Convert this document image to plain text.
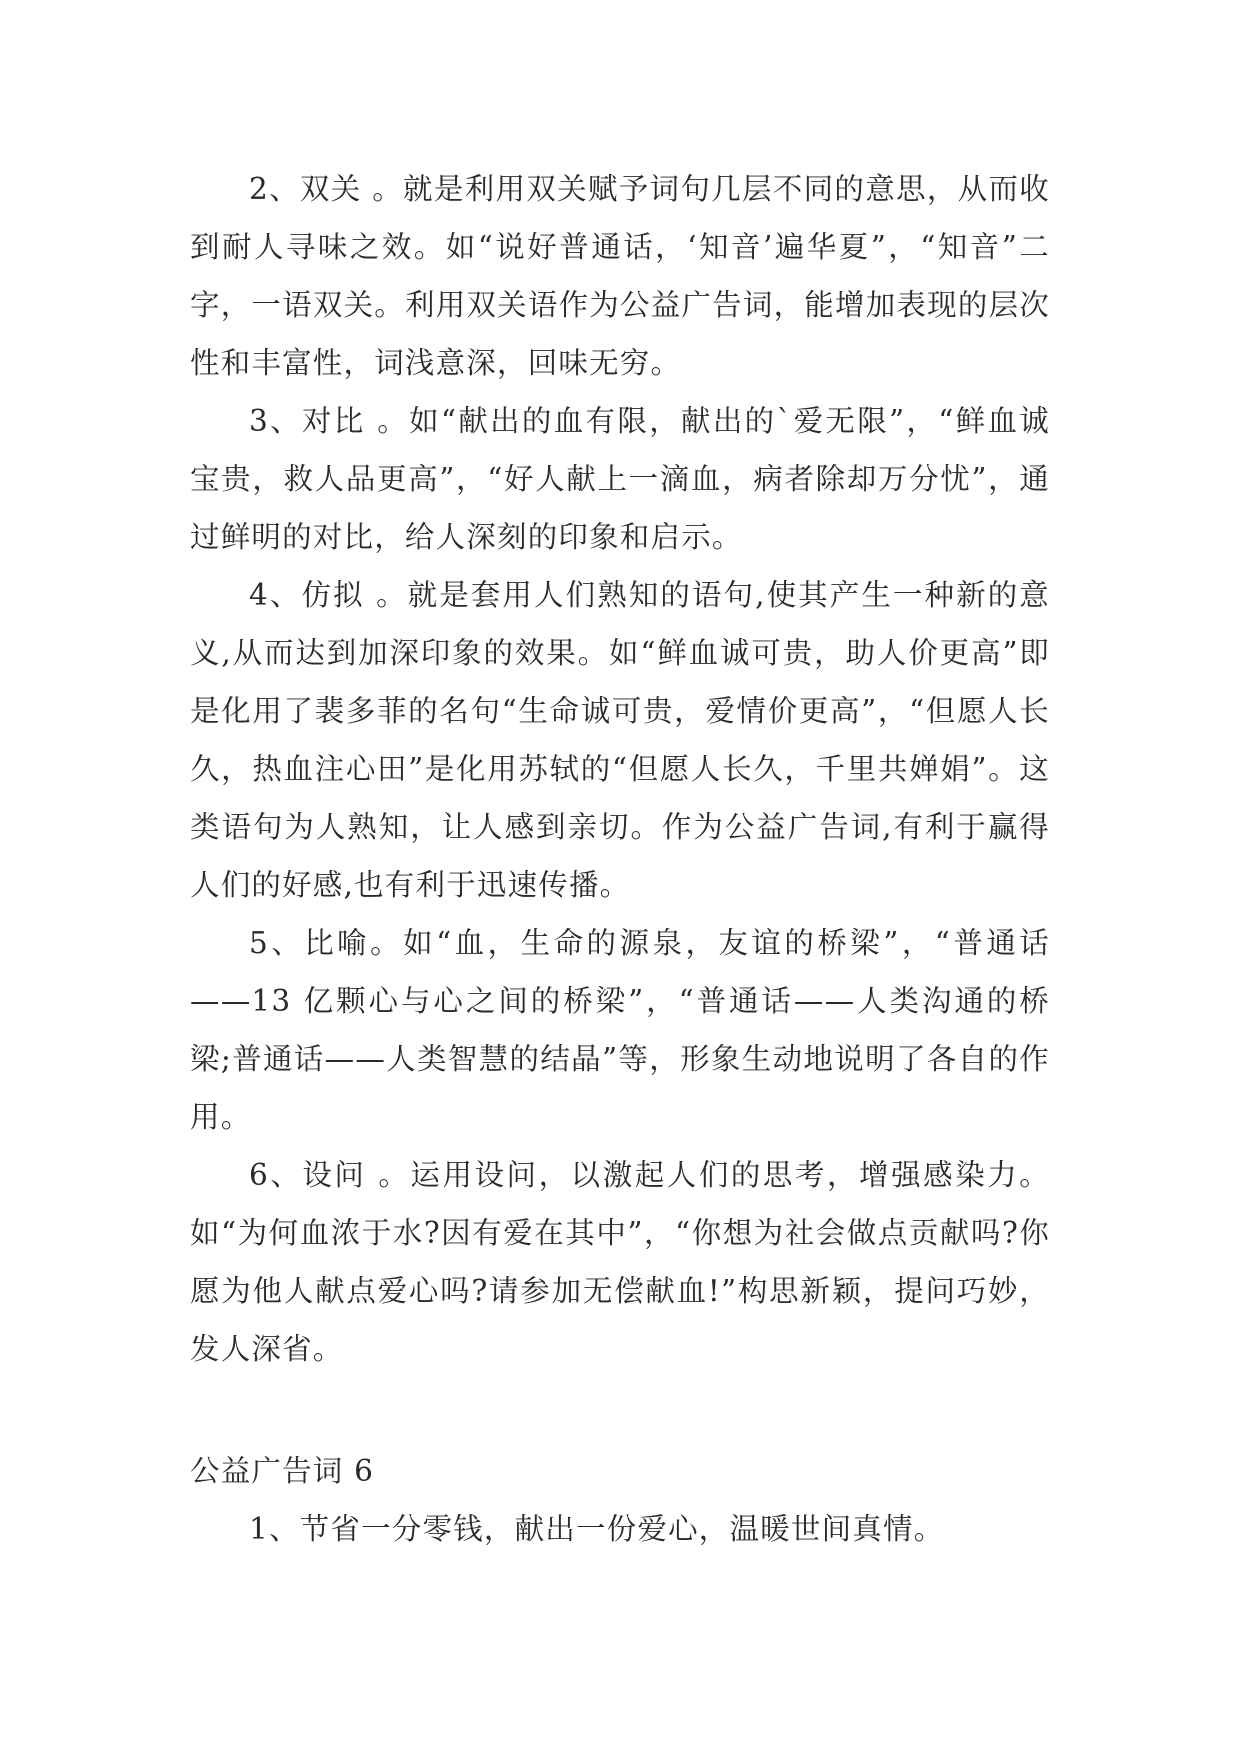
2、双关 。就是利用双关赋予词句几层不同的意思，从而收到耐人寻味之效。如“说好普通话，‘知音’遍华夏”，“知音”二字，一语双关。利用双关语作为公益广告词，能增加表现的层次性和丰富性，词浅意深，回味无穷。

3、对比 。如“献出的血有限，献出的`爱无限”，“鲜血诚宝贵，救人品更高”，“好人献上一滴血，病者除却万分忧”，通过鲜明的对比，给人深刻的印象和启示。

4、仿拟 。就是套用人们熟知的语句,使其产生一种新的意义,从而达到加深印象的效果。如“鲜血诚可贵，助人价更高”即是化用了裴多菲的名句“生命诚可贵，爱情价更高”，“但愿人长久，热血注心田”是化用苏轼的“但愿人长久，千里共婵娟”。这类语句为人熟知，让人感到亲切。作为公益广告词,有利于赢得人们的好感,也有利于迅速传播。

5、比喻。如“血，生命的源泉，友谊的桥梁”，“普通话——13 亿颗心与心之间的桥梁”，“普通话——人类沟通的桥梁;普通话——人类智慧的结晶”等，形象生动地说明了各自的作用。

6、设问 。运用设问，以激起人们的思考，增强感染力。如“为何血浓于水?因有爱在其中”，“你想为社会做点贡献吗?你愿为他人献点爱心吗?请参加无偿献血!”构思新颖，提问巧妙，发人深省。

公益广告词 6

1、节省一分零钱，献出一份爱心，温暖世间真情。
